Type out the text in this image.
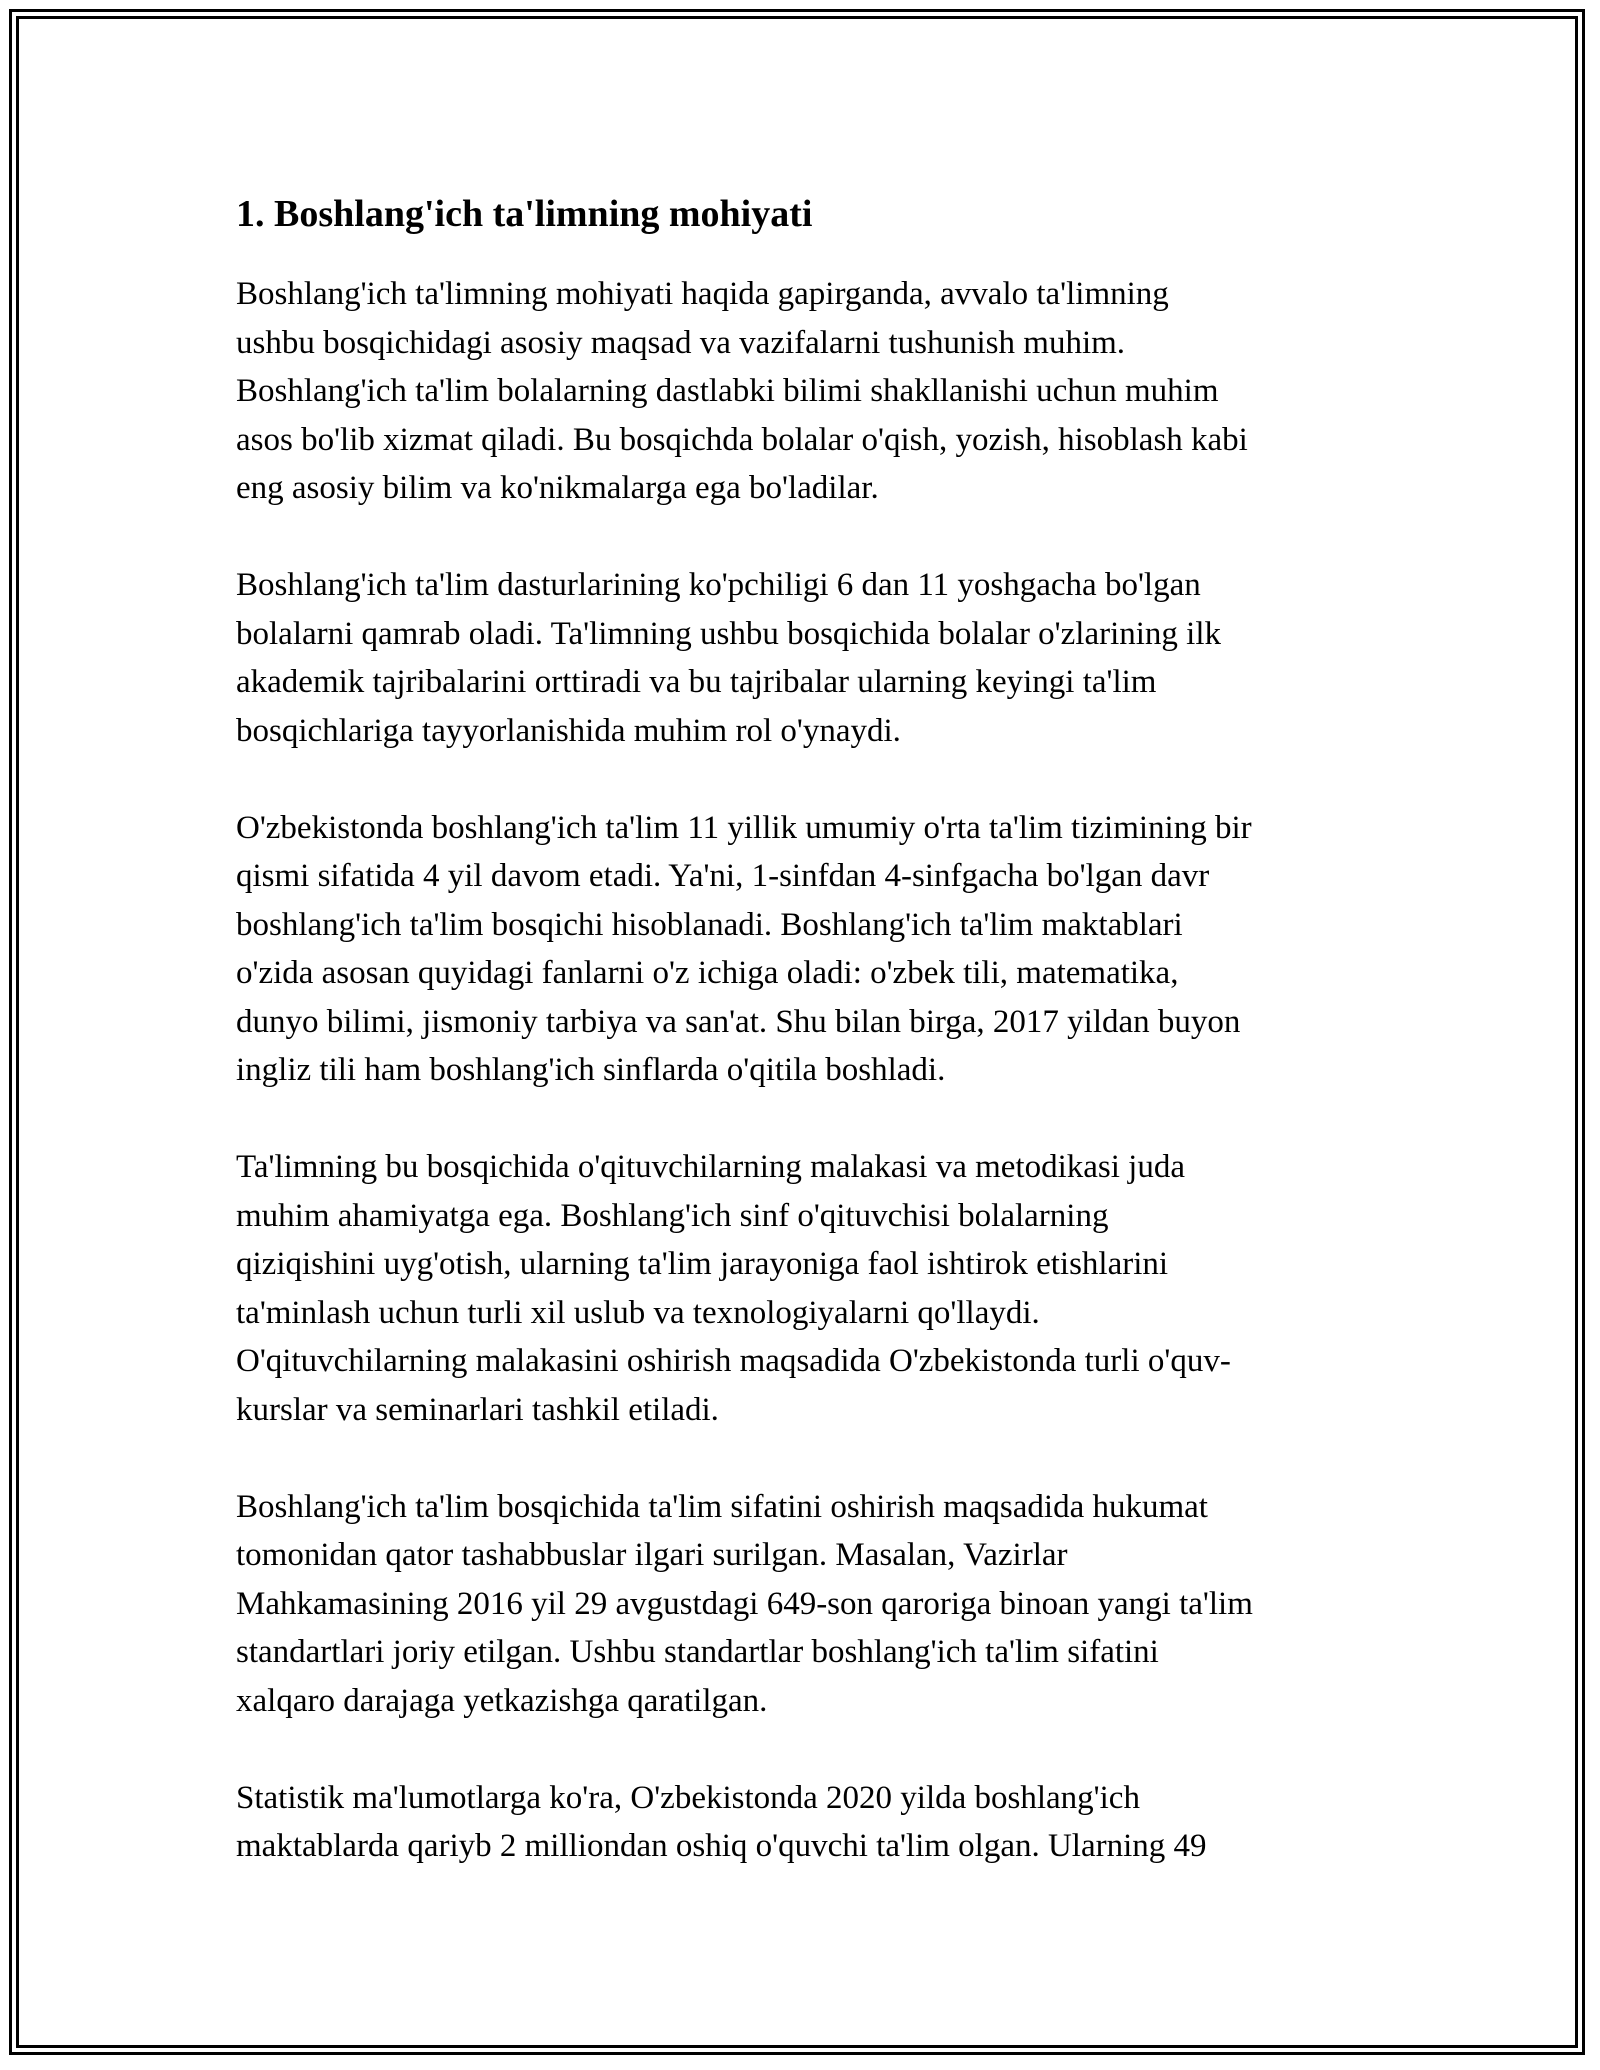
1. Boshlang'ich ta'limning mohiyati

Boshlang'ich ta'limning mohiyati haqida gapirganda, avvalo ta'limning
ushbu bosqichidagi asosiy maqsad va vazifalarni tushunish muhim.
Boshlang'ich ta'lim bolalarning dastlabki bilimi shakllanishi uchun muhim
asos bo'lib xizmat qiladi. Bu bosqichda bolalar o'qish, yozish, hisoblash kabi
eng asosiy bilim va ko'nikmalarga ega bo'ladilar.

Boshlang'ich ta'lim dasturlarining ko'pchiligi 6 dan 11 yoshgacha bo'lgan
bolalarni qamrab oladi. Ta'limning ushbu bosqichida bolalar o'zlarining ilk
akademik tajribalarini orttiradi va bu tajribalar ularning keyingi ta'lim
bosqichlariga tayyorlanishida muhim rol o'ynaydi.

O'zbekistonda boshlang'ich ta'lim 11 yillik umumiy o'rta ta'lim tizimining bir
qismi sifatida 4 yil davom etadi. Ya'ni, 1-sinfdan 4-sinfgacha bo'lgan davr
boshlang'ich ta'lim bosqichi hisoblanadi. Boshlang'ich ta'lim maktablari
o'zida asosan quyidagi fanlarni o'z ichiga oladi: o'zbek tili, matematika,
dunyo bilimi, jismoniy tarbiya va san'at. Shu bilan birga, 2017 yildan buyon
ingliz tili ham boshlang'ich sinflarda o'qitila boshladi.

Ta'limning bu bosqichida o'qituvchilarning malakasi va metodikasi juda
muhim ahamiyatga ega. Boshlang'ich sinf o'qituvchisi bolalarning
qiziqishini uyg'otish, ularning ta'lim jarayoniga faol ishtirok etishlarini
ta'minlash uchun turli xil uslub va texnologiyalarni qo'llaydi.
O'qituvchilarning malakasini oshirish maqsadida O'zbekistonda turli o'quv-
kurslar va seminarlari tashkil etiladi.

Boshlang'ich ta'lim bosqichida ta'lim sifatini oshirish maqsadida hukumat
tomonidan qator tashabbuslar ilgari surilgan. Masalan, Vazirlar
Mahkamasining 2016 yil 29 avgustdagi 649-son qaroriga binoan yangi ta'lim
standartlari joriy etilgan. Ushbu standartlar boshlang'ich ta'lim sifatini
xalqaro darajaga yetkazishga qaratilgan.

Statistik ma'lumotlarga ko'ra, O'zbekistonda 2020 yilda boshlang'ich
maktablarda qariyb 2 milliondan oshiq o'quvchi ta'lim olgan. Ularning 49
